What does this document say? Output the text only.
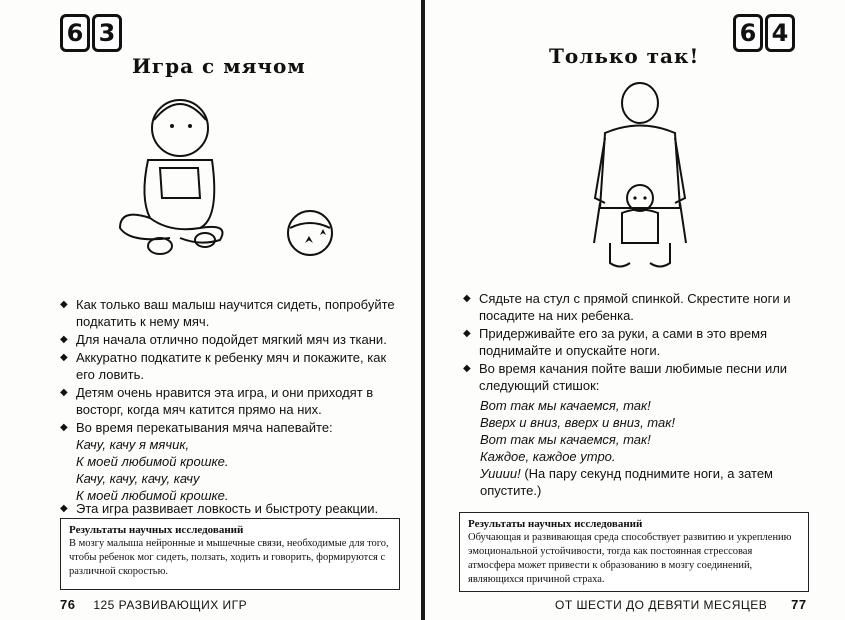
6 3
Игра с мячом
◆ Как только ваш малыш научится сидеть, попробуйте подкатить к нему мяч.
◆ Для начала отлично подойдет мягкий мяч из ткани.
◆ Аккуратно подкатите к ребенку мяч и покажите, как его ловить.
◆ Детям очень нравится эта игра, и они приходят в восторг, когда мяч катится прямо на них.
◆ Во время перекатывания мяча напевайте:
Качу, качу я мячик,
К моей любимой крошке.
Качу, качу, качу, качу
К моей любимой крошке.
◆ Эта игра развивает ловкость и быстроту реакции.
Результаты научных исследований
В мозгу малыша нейронные и мышечные связи, необходимые для того, чтобы ребенок мог сидеть, ползать, ходить и говорить, формируются с различной скоростью.
76 125 РАЗВИВАЮЩИХ ИГР
6 4
Только так!
◆ Сядьте на стул с прямой спинкой. Скрестите ноги и посадите на них ребенка.
◆ Придерживайте его за руки, а сами в это время поднимайте и опускайте ноги.
◆ Во время качания пойте ваши любимые песни или следующий стишок:
Вот так мы качаемся, так!
Вверх и вниз, вверх и вниз, так!
Вот так мы качаемся, так!
Каждое, каждое утро.
Уииии! (На пару секунд поднимите ноги, а затем опустите.)
Результаты научных исследований
Обучающая и развивающая среда способствует развитию и укреплению эмоциональной устойчивости, тогда как постоянная стрессовая атмосфера может привести к образованию в мозгу соединений, являющихся причиной страха.
ОТ ШЕСТИ ДО ДЕВЯТИ МЕСЯЦЕВ 77
